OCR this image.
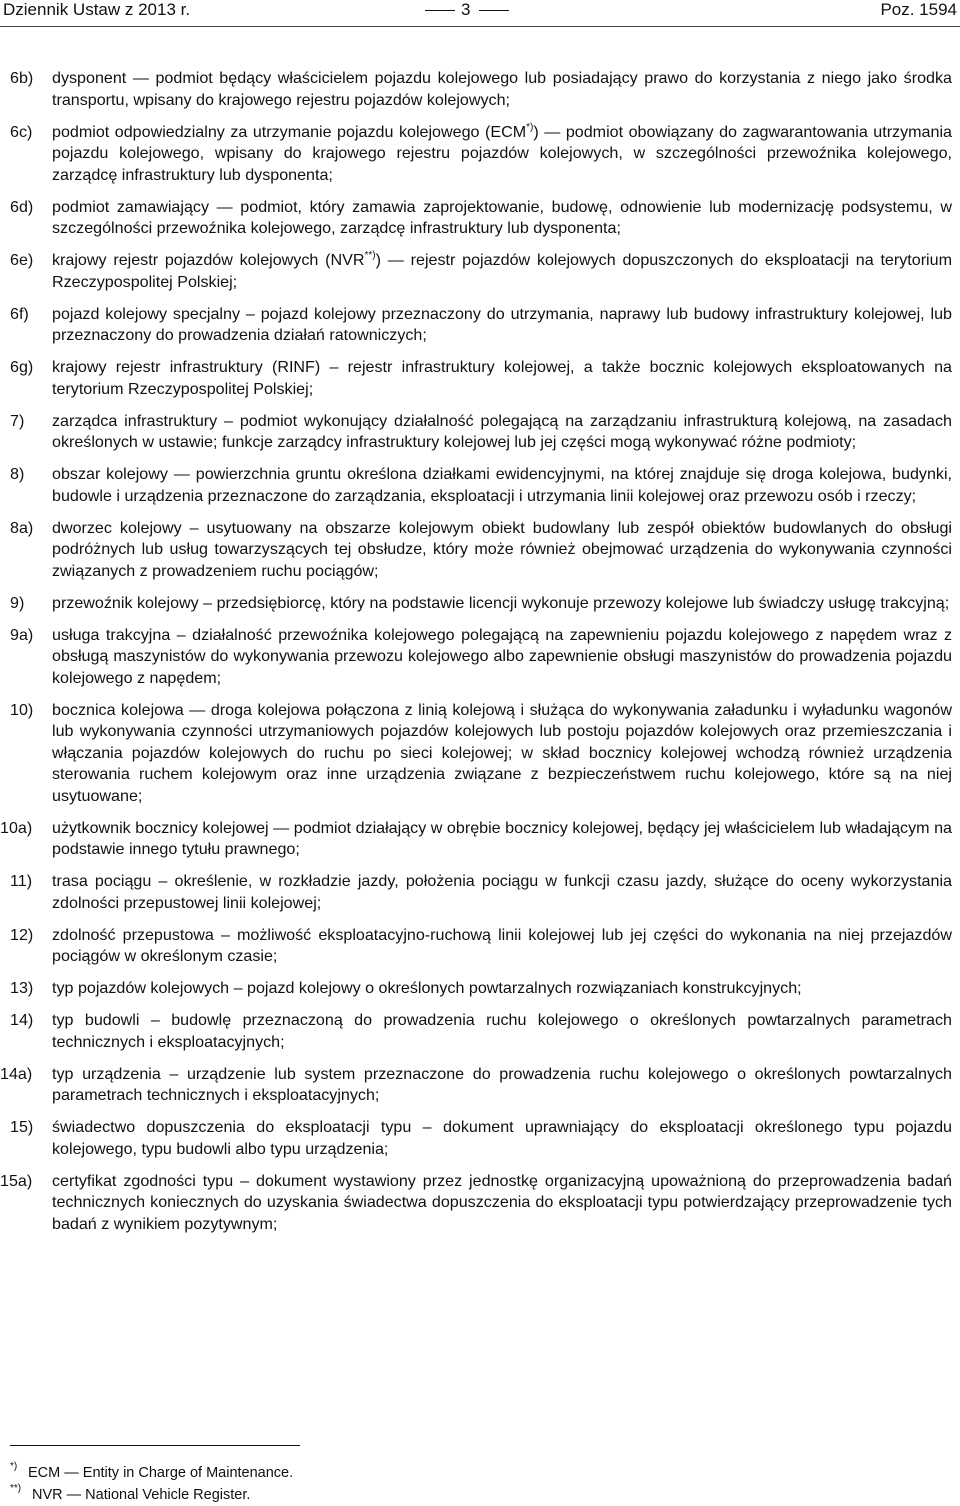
Dziennik Ustaw z 2013 r.	3	Poz. 1594
6b) dysponent — podmiot będący właścicielem pojazdu kolejowego lub posiadający prawo do korzystania z niego jako środka transportu, wpisany do krajowego rejestru pojazdów kolejowych;
6c) podmiot odpowiedzialny za utrzymanie pojazdu kolejowego (ECM*)) — podmiot obowiązany do zagwarantowania utrzymania pojazdu kolejowego, wpisany do krajowego rejestru pojazdów kolejowych, w szczególności przewoźnika kolejowego, zarządcę infrastruktury lub dysponenta;
6d) podmiot zamawiający — podmiot, który zamawia zaprojektowanie, budowę, odnowienie lub modernizację podsystemu, w szczególności przewoźnika kolejowego, zarządcę infrastruktury lub dysponenta;
6e) krajowy rejestr pojazdów kolejowych (NVR**)) — rejestr pojazdów kolejowych dopuszczonych do eksploatacji na terytorium Rzeczypospolitej Polskiej;
6f) pojazd kolejowy specjalny – pojazd kolejowy przeznaczony do utrzymania, naprawy lub budowy infrastruktury kolejowej, lub przeznaczony do prowadzenia działań ratowniczych;
6g) krajowy rejestr infrastruktury (RINF) – rejestr infrastruktury kolejowej, a także bocznic kolejowych eksploatowanych na terytorium Rzeczypospolitej Polskiej;
7) zarządca infrastruktury – podmiot wykonujący działalność polegającą na zarządzaniu infrastrukturą kolejową, na zasadach określonych w ustawie; funkcje zarządcy infrastruktury kolejowej lub jej części mogą wykonywać różne podmioty;
8) obszar kolejowy — powierzchnia gruntu określona działkami ewidencyjnymi, na której znajduje się droga kolejowa, budynki, budowle i urządzenia przeznaczone do zarządzania, eksploatacji i utrzymania linii kolejowej oraz przewozu osób i rzeczy;
8a) dworzec kolejowy – usytuowany na obszarze kolejowym obiekt budowlany lub zespół obiektów budowlanych do obsługi podróżnych lub usług towarzyszących tej obsłudze, który może również obejmować urządzenia do wykonywania czynności związanych z prowadzeniem ruchu pociągów;
9) przewoźnik kolejowy – przedsiębiorcę, który na podstawie licencji wykonuje przewozy kolejowe lub świadczy usługę trakcyjną;
9a) usługa trakcyjna – działalność przewoźnika kolejowego polegającą na zapewnieniu pojazdu kolejowego z napędem wraz z obsługą maszynistów do wykonywania przewozu kolejowego albo zapewnienie obsługi maszynistów do prowadzenia pojazdu kolejowego z napędem;
10) bocznica kolejowa — droga kolejowa połączona z linią kolejową i służąca do wykonywania załadunku i wyładunku wagonów lub wykonywania czynności utrzymaniowych pojazdów kolejowych lub postoju pojazdów kolejowych oraz przemieszczania i włączania pojazdów kolejowych do ruchu po sieci kolejowej; w skład bocznicy kolejowej wchodzą również urządzenia sterowania ruchem kolejowym oraz inne urządzenia związane z bezpieczeństwem ruchu kolejowego, które są na niej usytuowane;
10a) użytkownik bocznicy kolejowej — podmiot działający w obrębie bocznicy kolejowej, będący jej właścicielem lub władającym na podstawie innego tytułu prawnego;
11) trasa pociągu – określenie, w rozkładzie jazdy, położenia pociągu w funkcji czasu jazdy, służące do oceny wykorzystania zdolności przepustowej linii kolejowej;
12) zdolność przepustowa – możliwość eksploatacyjno-ruchową linii kolejowej lub jej części do wykonania na niej przejazdów pociągów w określonym czasie;
13) typ pojazdów kolejowych – pojazd kolejowy o określonych powtarzalnych rozwiązaniach konstrukcyjnych;
14) typ budowli – budowlę przeznaczoną do prowadzenia ruchu kolejowego o określonych powtarzalnych parametrach technicznych i eksploatacyjnych;
14a) typ urządzenia – urządzenie lub system przeznaczone do prowadzenia ruchu kolejowego o określonych powtarzalnych parametrach technicznych i eksploatacyjnych;
15) świadectwo dopuszczenia do eksploatacji typu – dokument uprawniający do eksploatacji określonego typu pojazdu kolejowego, typu budowli albo typu urządzenia;
15a) certyfikat zgodności typu – dokument wystawiony przez jednostkę organizacyjną upoważnioną do przeprowadzenia badań technicznych koniecznych do uzyskania świadectwa dopuszczenia do eksploatacji typu potwierdzający przeprowadzenie tych badań z wynikiem pozytywnym;
*) ECM — Entity in Charge of Maintenance.
**) NVR — National Vehicle Register.
